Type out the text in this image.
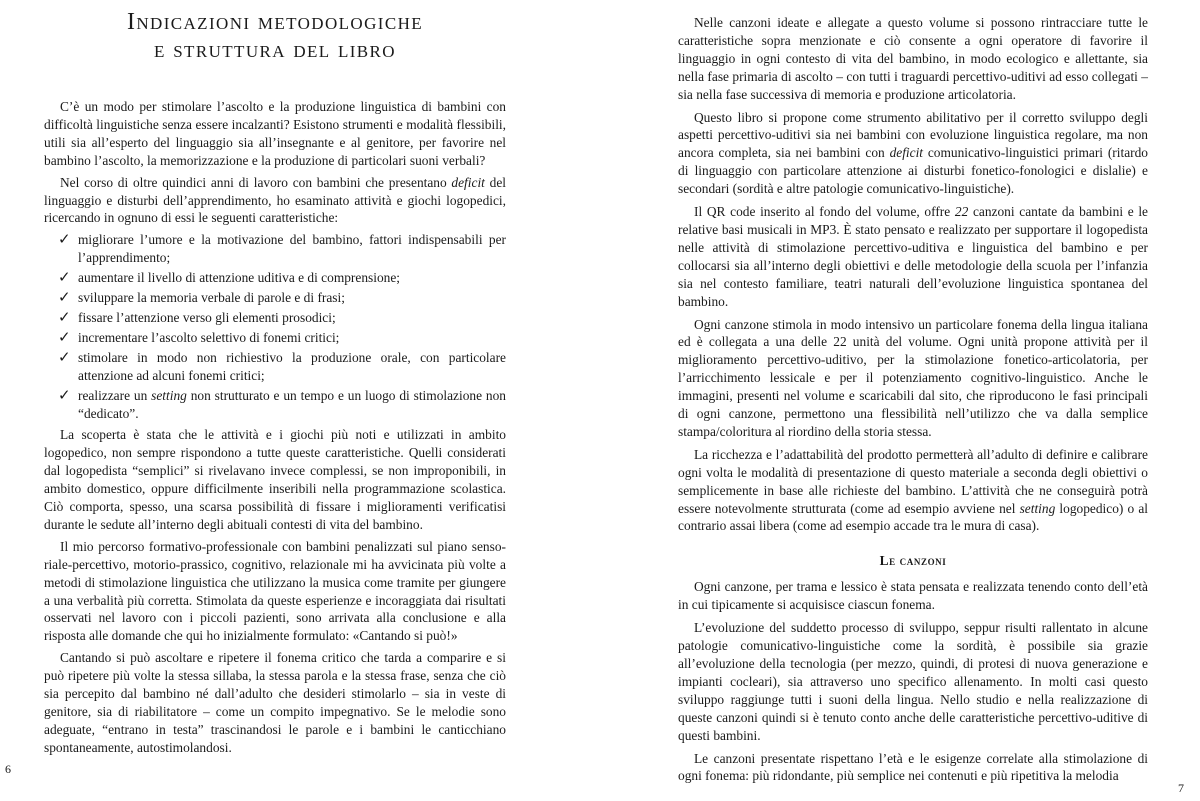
Indicazioni metodologiche
e struttura del libro

C’è un modo per stimolare l’ascolto e la produzione linguistica di bambini con difficoltà linguistiche senza essere incalzanti? Esistono strumenti e modalità flessibili, utili sia all’esperto del linguaggio sia all’insegnante e al genitore, per favorire nel bambino l’ascolto, la memorizzazione e la produzione di particolari suoni verbali?

Nel corso di oltre quindici anni di lavoro con bambini che presentano deficit del linguaggio e disturbi dell’apprendimento, ho esaminato attività e giochi logopedici, ricercando in ognuno di essi le seguenti caratteristiche:

✓ migliorare l’umore e la motivazione del bambino, fattori indispensabili per l’apprendimento;
✓ aumentare il livello di attenzione uditiva e di comprensione;
✓ sviluppare la memoria verbale di parole e di frasi;
✓ fissare l’attenzione verso gli elementi prosodici;
✓ incrementare l’ascolto selettivo di fonemi critici;
✓ stimolare in modo non richiestivo la produzione orale, con particolare attenzione ad alcuni fonemi critici;
✓ realizzare un setting non strutturato e un tempo e un luogo di stimolazione non “dedicato”.

La scoperta è stata che le attività e i giochi più noti e utilizzati in ambito logopedico, non sempre rispondono a tutte queste caratteristiche. Quelli considerati dal logopedista “semplici” si rivelavano invece complessi, se non improponibili, in ambito domestico, oppure difficilmente inseribili nella programmazione scolastica. Ciò comporta, spesso, una scarsa possibilità di fissare i miglioramenti verificatisi durante le sedute all’interno degli abituali contesti di vita del bambino.

Il mio percorso formativo-professionale con bambini penalizzati sul piano senso-riale-percettivo, motorio-prassico, cognitivo, relazionale mi ha avvicinata più volte a metodi di stimolazione linguistica che utilizzano la musica come tramite per giungere a una verbalità più corretta. Stimolata da queste esperienze e incoraggiata dai risultati osservati nel lavoro con i piccoli pazienti, sono arrivata alla conclusione e alla risposta alle domande che qui ho inizialmente formulato: «Cantando si può!»

Cantando si può ascoltare e ripetere il fonema critico che tarda a comparire e si può ripetere più volte la stessa sillaba, la stessa parola e la stessa frase, senza che ciò sia percepito dal bambino né dall’adulto che desideri stimolarlo – sia in veste di genitore, sia di riabilitatore – come un compito impegnativo. Se le melodie sono adeguate, “entrano in testa” trascinandosi le parole e i bambini le canticchiano spontaneamente, autostimolandosi.

Nelle canzoni ideate e allegate a questo volume si possono rintracciare tutte le caratteristiche sopra menzionate e ciò consente a ogni operatore di favorire il linguaggio in ogni contesto di vita del bambino, in modo ecologico e allettante, sia nella fase primaria di ascolto – con tutti i traguardi percettivo-uditivi ad esso collegati – sia nella fase successiva di memoria e produzione articolatoria.

Questo libro si propone come strumento abilitativo per il corretto sviluppo degli aspetti percettivo-uditivi sia nei bambini con evoluzione linguistica regolare, ma non ancora completa, sia nei bambini con deficit comunicativo-linguistici primari (ritardo di linguaggio con particolare attenzione ai disturbi fonetico-fonologici e dislalie) e secondari (sordità e altre patologie comunicativo-linguistiche).

Il QR code inserito al fondo del volume, offre 22 canzoni cantate da bambini e le relative basi musicali in MP3. È stato pensato e realizzato per supportare il logopedista nelle attività di stimolazione percettivo-uditiva e linguistica del bambino e per collocarsi sia all’interno degli obiettivi e delle metodologie della scuola per l’infanzia sia nel contesto familiare, teatri naturali dell’evoluzione linguistica spontanea del bambino.

Ogni canzone stimola in modo intensivo un particolare fonema della lingua italiana ed è collegata a una delle 22 unità del volume. Ogni unità propone attività per il miglioramento percettivo-uditivo, per la stimolazione fonetico-articolatoria, per l’arricchimento lessicale e per il potenziamento cognitivo-linguistico. Anche le immagini, presenti nel volume e scaricabili dal sito, che riproducono le fasi principali di ogni canzone, permettono una flessibilità nell’utilizzo che va dalla semplice stampa/coloritura al riordino della storia stessa.

La ricchezza e l’adattabilità del prodotto permetterà all’adulto di definire e calibrare ogni volta le modalità di presentazione di questo materiale a seconda degli obiettivi o semplicemente in base alle richieste del bambino. L’attività che ne conseguirà potrà essere notevolmente strutturata (come ad esempio avviene nel setting logopedico) o al contrario assai libera (come ad esempio accade tra le mura di casa).

Le canzoni

Ogni canzone, per trama e lessico è stata pensata e realizzata tenendo conto dell’età in cui tipicamente si acquisisce ciascun fonema.

L’evoluzione del suddetto processo di sviluppo, seppur risulti rallentato in alcune patologie comunicativo-linguistiche come la sordità, è possibile sia grazie all’evoluzione della tecnologia (per mezzo, quindi, di protesi di nuova generazione e impianti cocleari), sia attraverso uno specifico allenamento. In molti casi questo sviluppo raggiunge tutti i suoni della lingua. Nello studio e nella realizzazione di queste canzoni quindi si è tenuto conto anche delle caratteristiche percettivo-uditive di questi bambini.

Le canzoni presentate rispettano l’età e le esigenze correlate alla stimolazione di ogni fonema: più ridondante, più semplice nei contenuti e più ripetitiva la melodia

6
7
